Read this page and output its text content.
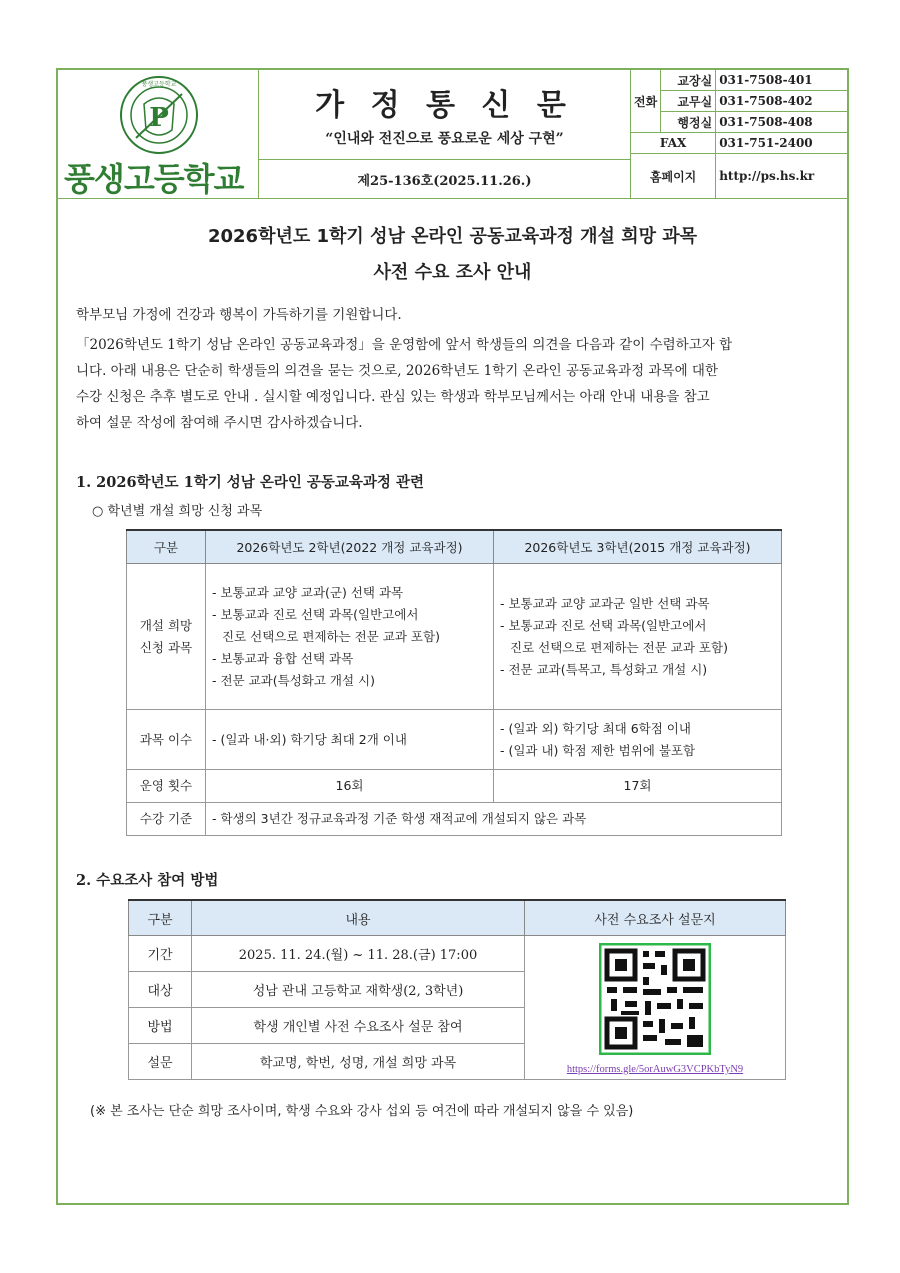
P
풍생고등학교
풍생고등학교
가 정 통 신 문
“인내와 전진으로 풍요로운 세상 구현”
제25-136호(2025.11.26.)
전화	교장실	031-7508-401
	교무실	031-7508-402
	행정실	031-7508-408
FAX		031-751-2400
홈페이지		http://ps.hs.kr
2026학년도 1학기 성남 온라인 공동교육과정 개설 희망 과목
사전 수요 조사 안내
학부모님 가정에 건강과 행복이 가득하기를 기원합니다.
「2026학년도 1학기 성남 온라인 공동교육과정」을 운영함에 앞서 학생들의 의견을 다음과 같이 수렴하고자 합
니다. 아래 내용은 단순히 학생들의 의견을 묻는 것으로, 2026학년도 1학기 온라인 공동교육과정 과목에 대한
수강 신청은 추후 별도로 안내 . 실시할 예정입니다. 관심 있는 학생과 학부모님께서는 아래 안내 내용을 참고
하여 설문 작성에 참여해 주시면 감사하겠습니다.
1. 2026학년도 1학기 성남 온라인 공동교육과정 관련
○ 학년별 개설 희망 신청 과목
구분	2026학년도 2학년(2022 개정 교육과정)	2026학년도 3학년(2015 개정 교육과정)

개설 희망
신청 과목	- 보통교과 교양 교과(군) 선택 과목
- 보통교과 진로 선택 과목(일반고에서
진로 선택으로 편제하는 전문 교과 포함)
- 보통교과 융합 선택 과목
- 전문 교과(특성화고 개설 시)	- 보통교과 교양 교과군 일반 선택 과목
- 보통교과 진로 선택 과목(일반고에서
진로 선택으로 편제하는 전문 교과 포함)
- 전문 교과(특목고, 특성화고 개설 시)

과목 이수	- (일과 내·외) 학기당 최대 2개 이내	- (일과 외) 학기당 최대 6학점 이내
- (일과 내) 학점 제한 범위에 불포함

운영 횟수	16회	17회
수강 기준	- 학생의 3년간 정규교육과정 기준 학생 재적교에 개설되지 않은 과목	
2. 수요조사 참여 방법
구분	내용	사전 수요조사 설문지
기간	2025. 11. 24.(월) ~ 11. 28.(금) 17:00	https://forms.gle/5orAuwG3VCPKbTyN9
대상	성남 관내 고등학교 재학생(2, 3학년)	
방법	학생 개인별 사전 수요조사 설문 참여	
설문	학교명, 학번, 성명, 개설 희망 과목	
(※ 본 조사는 단순 희망 조사이며, 학생 수요와 강사 섭외 등 여건에 따라 개설되지 않을 수 있음)
